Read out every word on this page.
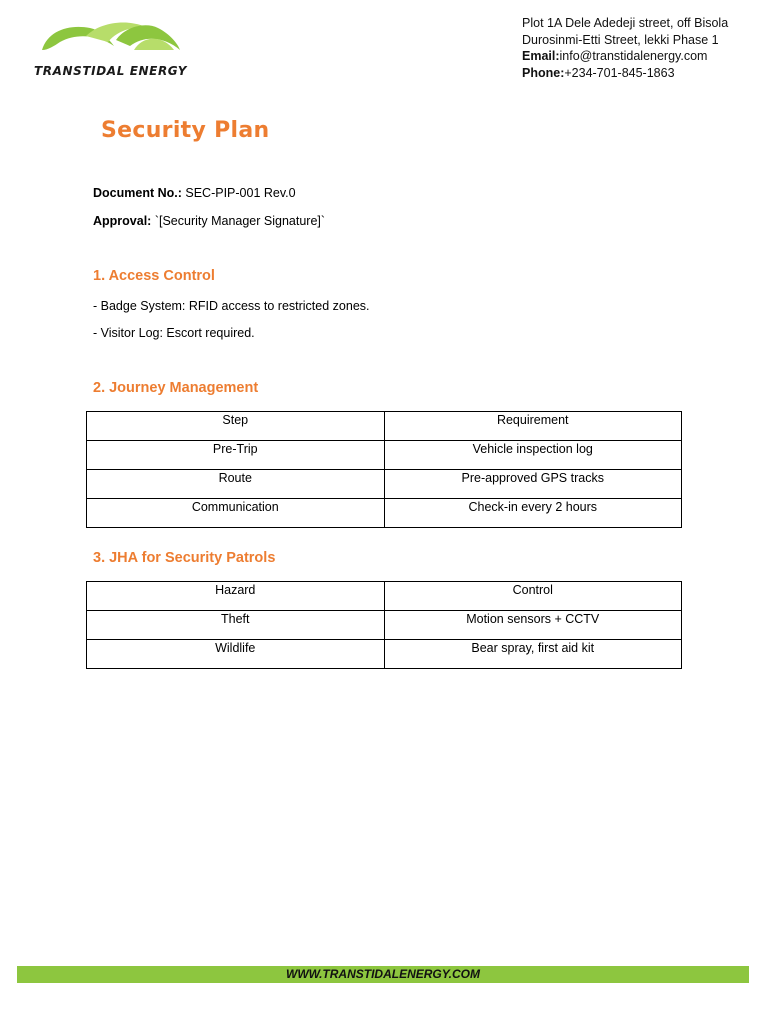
TRANSTIDAL ENERGY
Plot 1A Dele Adedeji street, off Bisola
Durosinmi-Etti Street, lekki Phase 1
Email:info@transtidalenergy.com
Phone:+234-701-845-1863
Security Plan
Document No.: SEC-PIP-001 Rev.0
Approval: `[Security Manager Signature]`
1. Access Control
- Badge System: RFID access to restricted zones.
- Visitor Log: Escort required.
2. Journey Management
Step	Requirement
Pre-Trip	Vehicle inspection log
Route	Pre-approved GPS tracks
Communication	Check-in every 2 hours
3. JHA for Security Patrols
Hazard	Control
Theft	Motion sensors + CCTV
Wildlife	Bear spray, first aid kit
WWW.TRANSTIDALENERGY.COM
